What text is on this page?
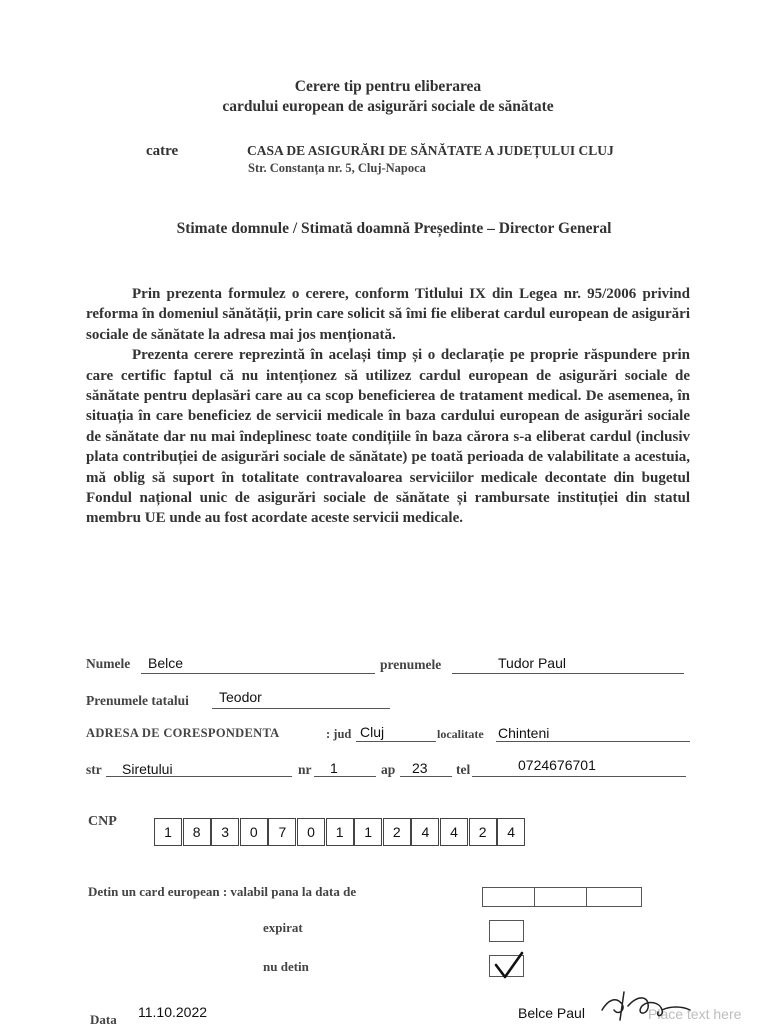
Cerere tip pentru eliberarea
cardului european de asigurări sociale de sănătate
catre	CASA DE ASIGURĂRI DE SĂNĂTATE A JUDEȚULUI CLUJ
Str. Constanța nr. 5, Cluj-Napoca
Stimate domnule / Stimată doamnă Președinte – Director General

Prin prezenta formulez o cerere, conform Titlului IX din Legea nr. 95/2006 privind reforma în domeniul sănătății, prin care solicit să îmi fie eliberat cardul european de asigurări sociale de sănătate la adresa mai jos menționată.

Prezenta cerere reprezintă în același timp și o declarație pe proprie răspundere prin care certific faptul că nu intenționez să utilizez cardul european de asigurări sociale de sănătate pentru deplasări care au ca scop beneficierea de tratament medical. De asemenea, în situația în care beneficiez de servicii medicale în baza cardului european de asigurări sociale de sănătate dar nu mai îndeplinesc toate condițiile în baza cărora s-a eliberat cardul (inclusiv plata contribuției de asigurări sociale de sănătate) pe toată perioada de valabilitate a acestuia, mă oblig să suport în totalitate contravaloarea serviciilor medicale decontate din bugetul Fondul național unic de asigurări sociale de sănătate și rambursate instituției din statul membru UE unde au fost acordate aceste servicii medicale.

Numele Belce	prenumele	Tudor Paul
Prenumele tatalui Teodor
ADRESA DE CORESPONDENTA	: jud Cluj	localitate Chinteni
str Siretului	nr 1	ap 23 tel	0724676701
CNP
1	8	3	0	7	0	1	1	2	4	4	2	4
Detin un card european : valabil pana la data de
expirat
nu detin
Data 11.10.2022	Belce Paul	Place text here
